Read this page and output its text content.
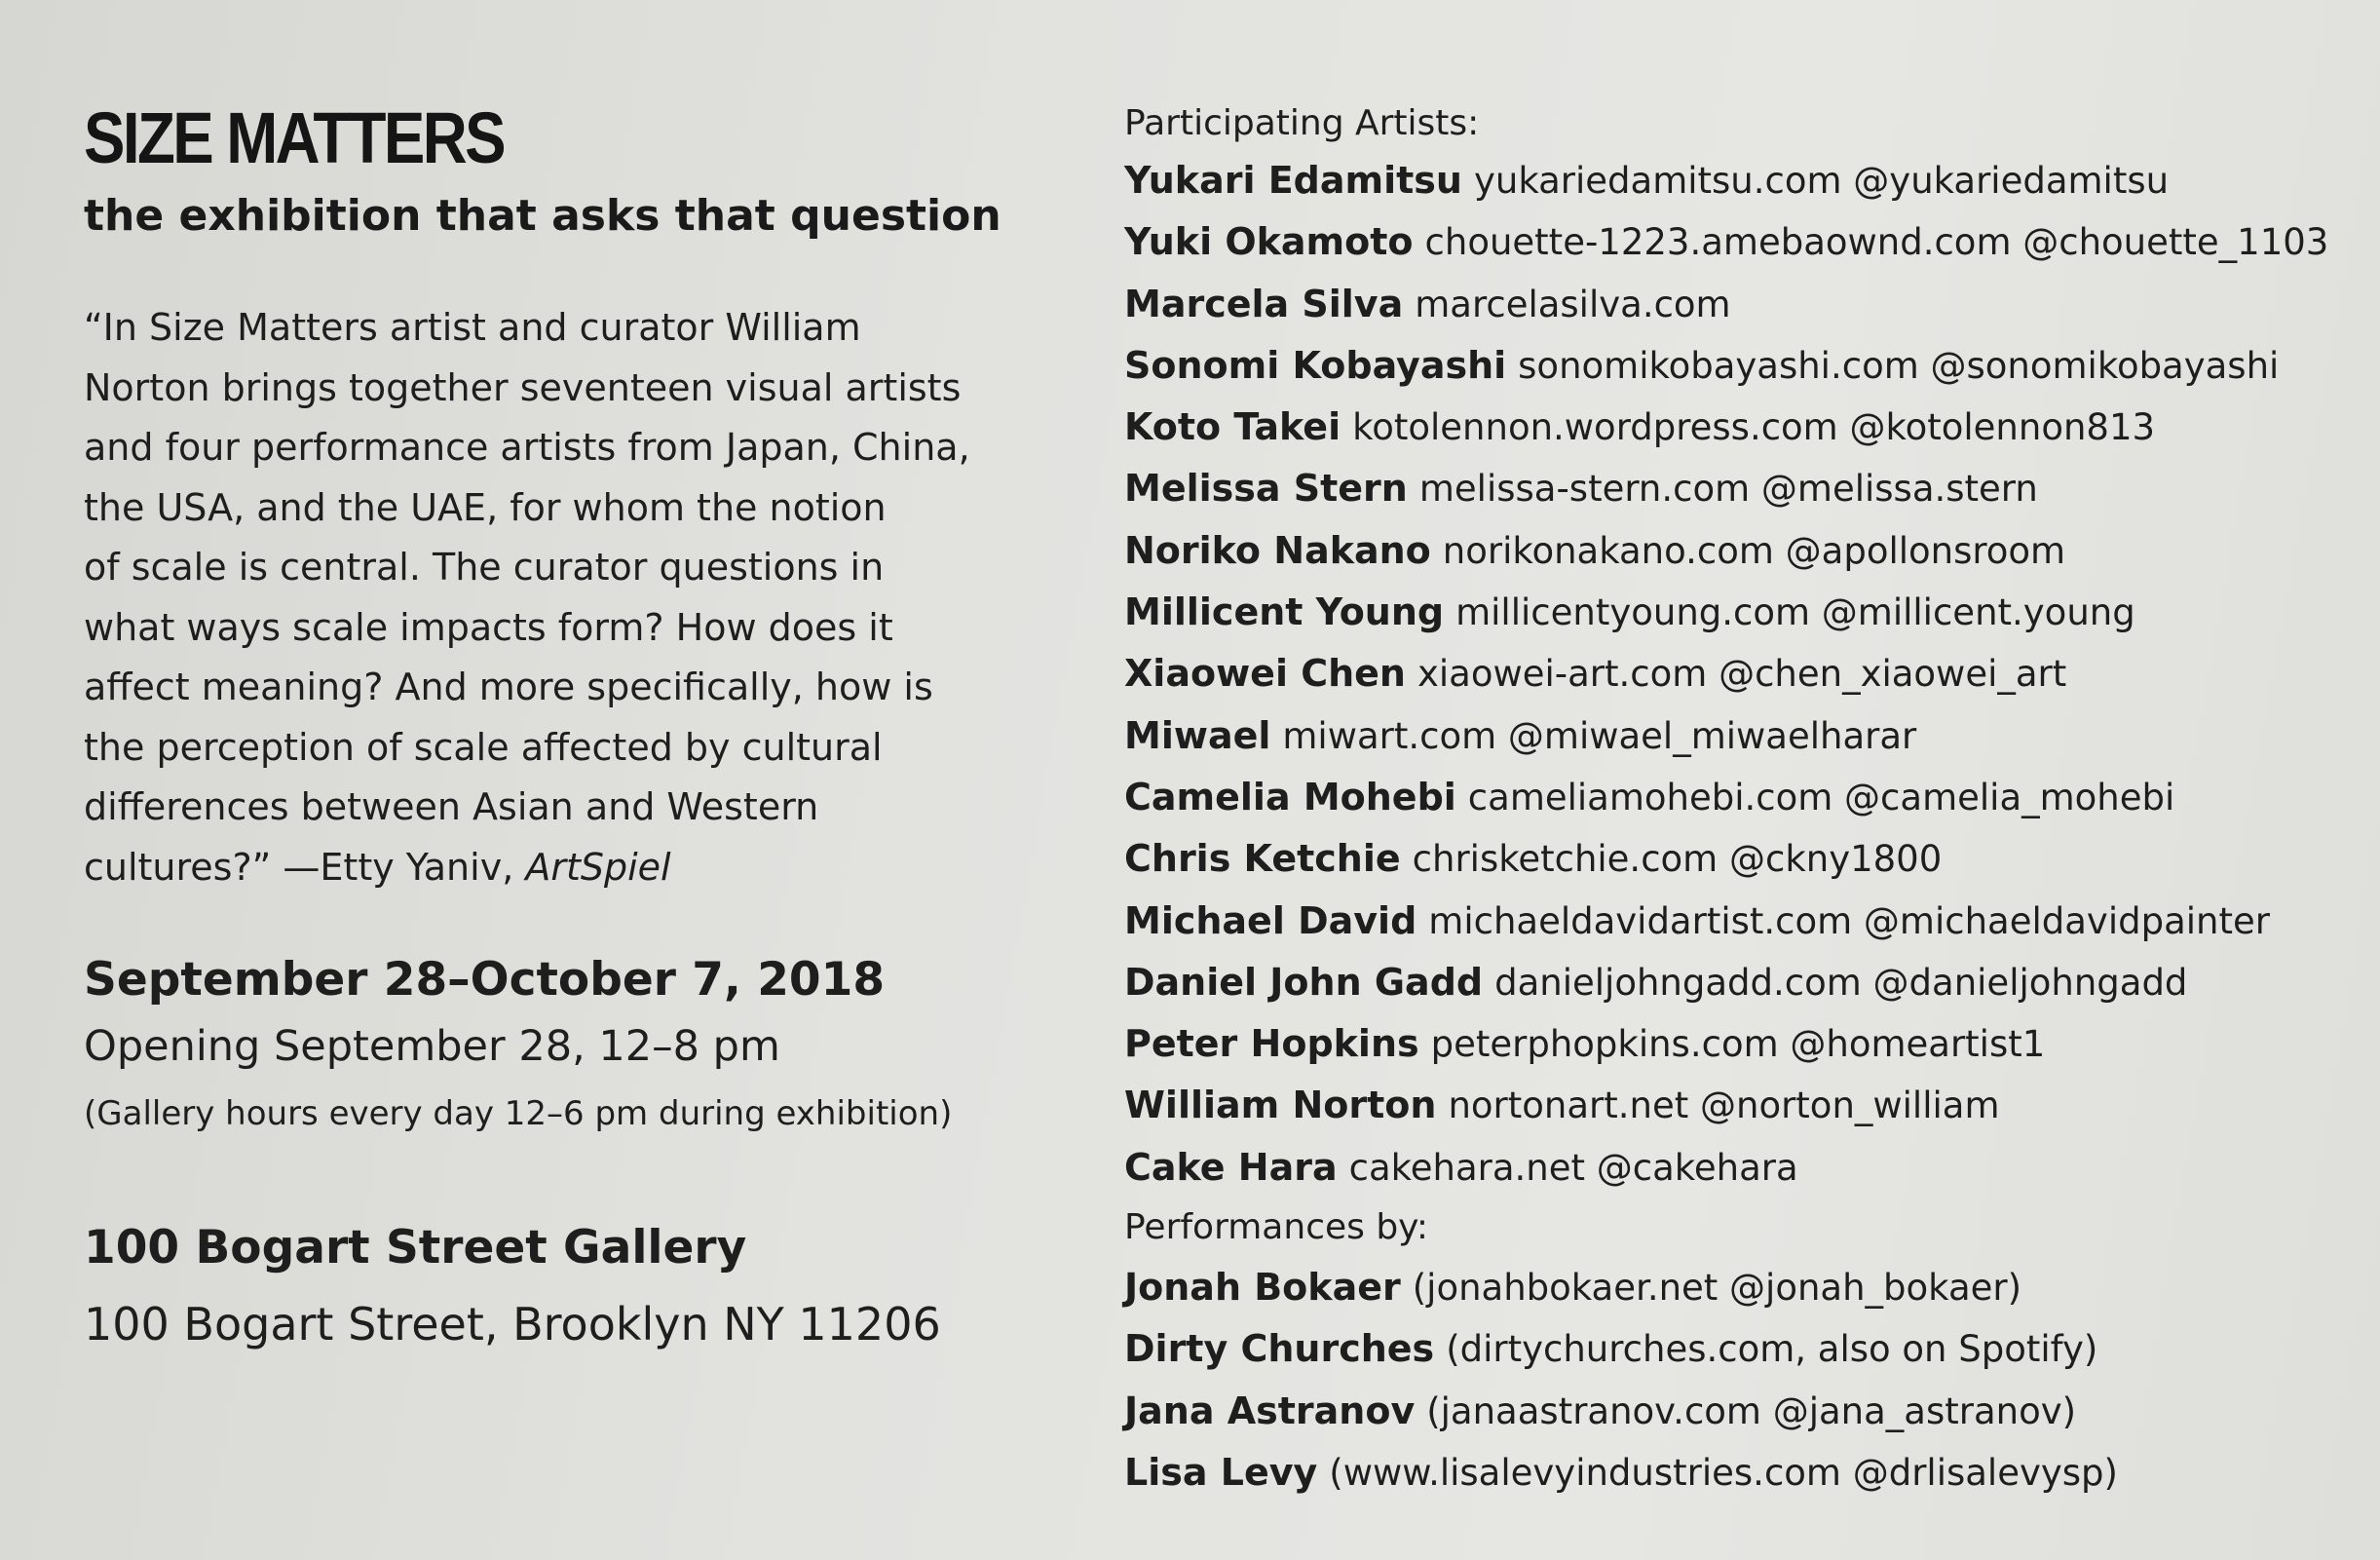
SIZE MATTERS
the exhibition that asks that question
“In Size Matters artist and curator William
Norton brings together seventeen visual artists
and four performance artists from Japan, China,
the USA, and the UAE, for whom the notion
of scale is central. The curator questions in
what ways scale impacts form? How does it
affect meaning? And more specifically, how is
the perception of scale affected by cultural
differences between Asian and Western
cultures?” —Etty Yaniv, ArtSpiel
September 28–October 7, 2018
Opening September 28, 12–8 pm
(Gallery hours every day 12–6 pm during exhibition)
100 Bogart Street Gallery
100 Bogart Street, Brooklyn NY 11206
Participating Artists:
Yukari Edamitsu yukariedamitsu.com @yukariedamitsu
Yuki Okamoto chouette-1223.amebaownd.com @chouette_1103
Marcela Silva marcelasilva.com
Sonomi Kobayashi sonomikobayashi.com @sonomikobayashi
Koto Takei kotolennon.wordpress.com @kotolennon813
Melissa Stern melissa-stern.com @melissa.stern
Noriko Nakano norikonakano.com @apollonsroom
Millicent Young millicentyoung.com @millicent.young
Xiaowei Chen xiaowei-art.com @chen_xiaowei_art
Miwael miwart.com @miwael_miwaelharar
Camelia Mohebi cameliamohebi.com @camelia_mohebi
Chris Ketchie chrisketchie.com @ckny1800
Michael David michaeldavidartist.com @michaeldavidpainter
Daniel John Gadd danieljohngadd.com @danieljohngadd
Peter Hopkins peterphopkins.com @homeartist1
William Norton nortonart.net @norton_william
Cake Hara cakehara.net @cakehara
Performances by:
Jonah Bokaer (jonahbokaer.net @jonah_bokaer)
Dirty Churches (dirtychurches.com, also on Spotify)
Jana Astranov (janaastranov.com @jana_astranov)
Lisa Levy (www.lisalevyindustries.com @drlisalevysp)
